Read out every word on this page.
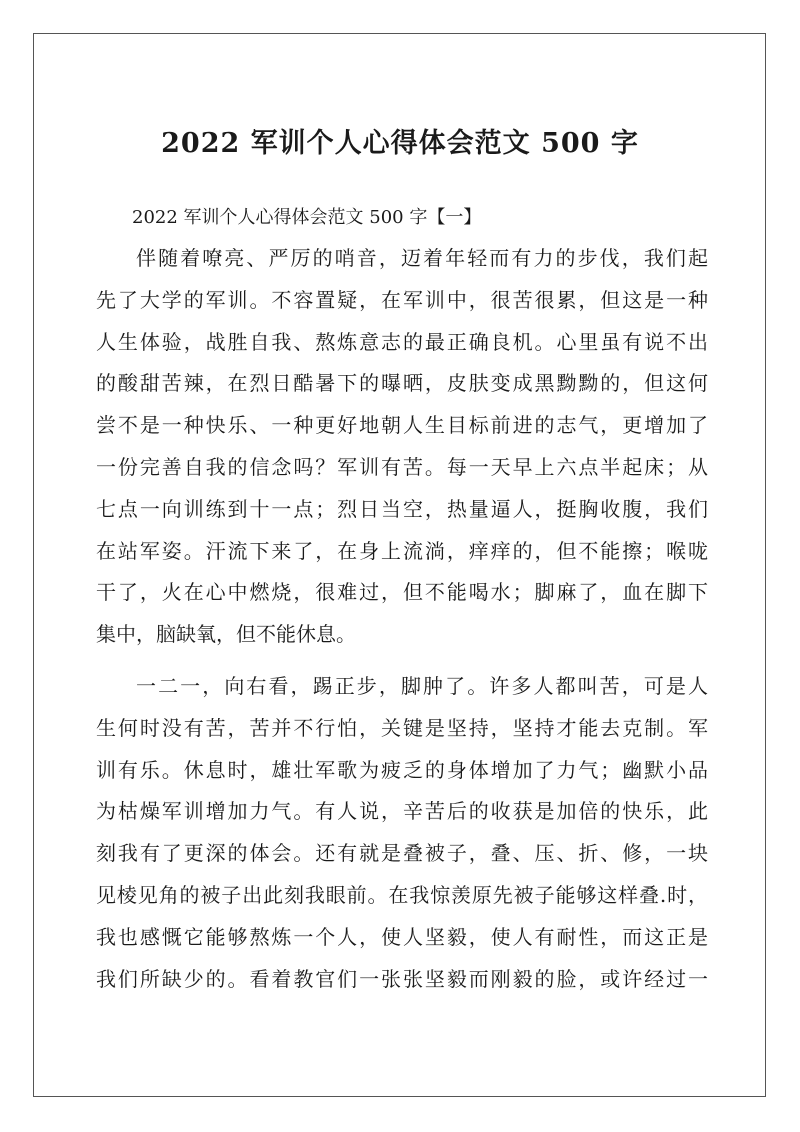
2022 军训个人心得体会范文 500 字

2022 军训个人心得体会范文 500 字【一】

伴随着嘹亮、严厉的哨音，迈着年轻而有力的步伐，我们起
先了大学的军训。不容置疑，在军训中，很苦很累，但这是一种
人生体验，战胜自我、熬炼意志的最正确良机。心里虽有说不出
的酸甜苦辣，在烈日酷暑下的曝晒，皮肤变成黑黝黝的，但这何
尝不是一种快乐、一种更好地朝人生目标前进的志气，更增加了
一份完善自我的信念吗？军训有苦。每一天早上六点半起床；从
七点一向训练到十一点；烈日当空，热量逼人，挺胸收腹，我们
在站军姿。汗流下来了，在身上流淌，痒痒的，但不能擦；喉咙
干了，火在心中燃烧，很难过，但不能喝水；脚麻了，血在脚下
集中，脑缺氧，但不能休息。
一二一，向右看，踢正步，脚肿了。许多人都叫苦，可是人
生何时没有苦，苦并不行怕，关键是坚持，坚持才能去克制。军
训有乐。休息时，雄壮军歌为疲乏的身体增加了力气；幽默小品
为枯燥军训增加力气。有人说，辛苦后的收获是加倍的快乐，此
刻我有了更深的体会。还有就是叠被子，叠、压、折、修，一块
见棱见角的被子出此刻我眼前。在我惊羡原先被子能够这样叠.时，
我也感慨它能够熬炼一个人，使人坚毅，使人有耐性，而这正是
我们所缺少的。看着教官们一张张坚毅而刚毅的脸，或许经过一
